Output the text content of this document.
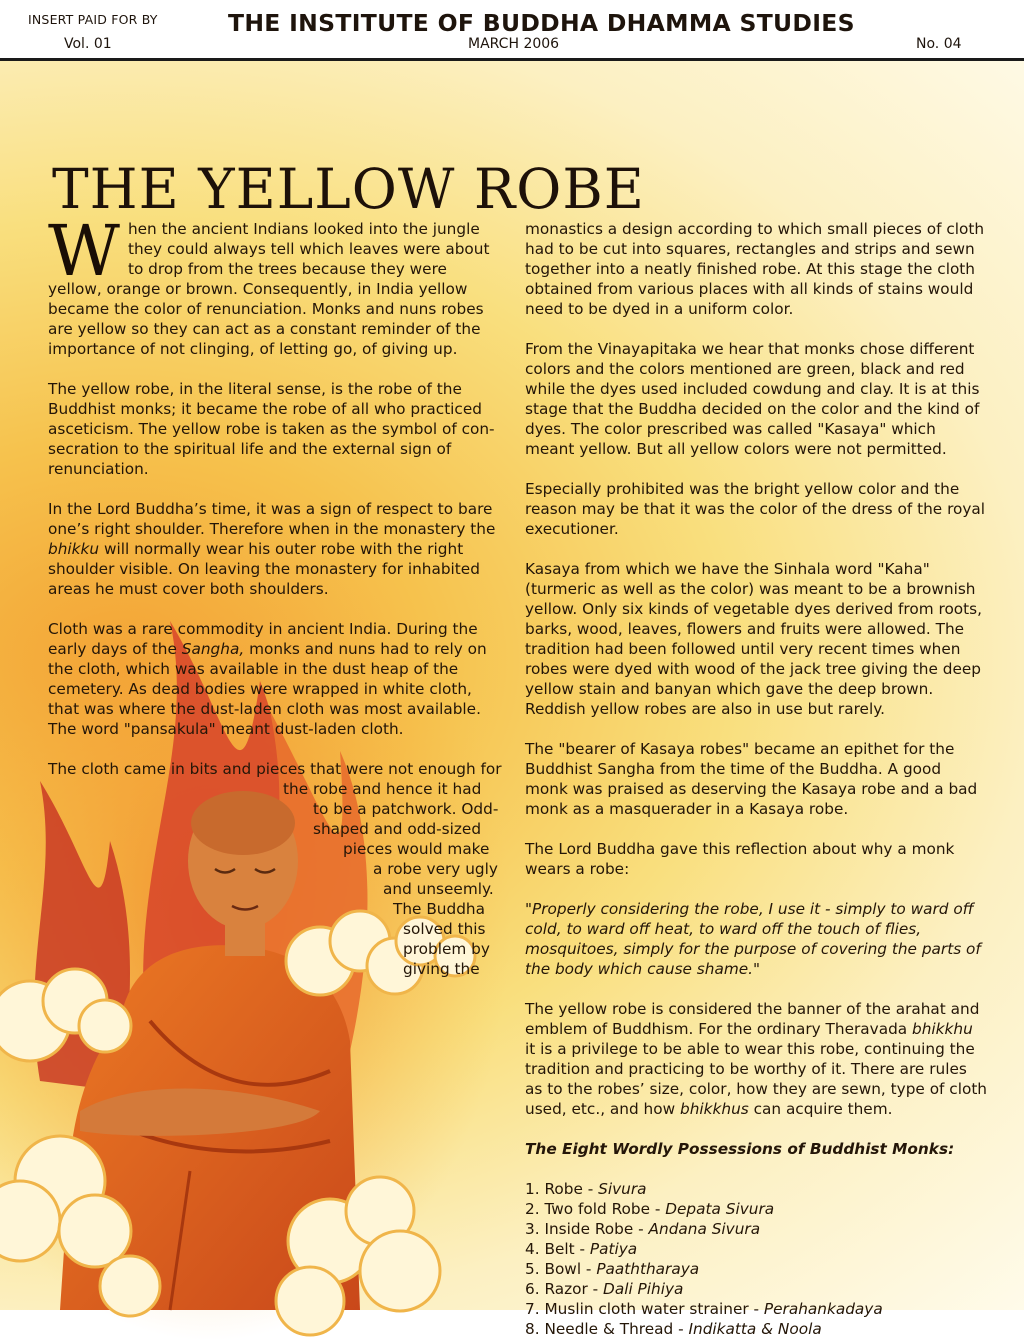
INSERT PAID FOR BY
Vol. 01
THE INSTITUTE OF BUDDHA DHAMMA STUDIES
MARCH 2006	No. 04
THE YELLOW ROBE

When the ancient Indians looked into the jungle they could always tell which leaves were about to drop from the trees because they were yellow, orange or brown. Consequently, in India yellow became the color of renunciation. Monks and nuns robes are yellow so they can act as a constant reminder of the importance of not clinging, of letting go, of giving up.

The yellow robe, in the literal sense, is the robe of the Buddhist monks; it became the robe of all who practiced asceticism. The yellow robe is taken as the symbol of con-secration to the spiritual life and the external sign of renunciation.

In the Lord Buddha’s time, it was a sign of respect to bare one’s right shoulder. Therefore when in the monastery the bhikku will normally wear his outer robe with the right shoulder visible. On leaving the monastery for inhabited areas he must cover both shoulders.

Cloth was a rare commodity in ancient India. During the early days of the Sangha, monks and nuns had to rely on the cloth, which was available in the dust heap of the cemetery. As dead bodies were wrapped in white cloth, that was where the dust-laden cloth was most available. The word "pansakula" meant dust-laden cloth.

The cloth came in bits and pieces that were not enough for
the robe and hence it had
to be a patchwork. Odd-
shaped and odd-sized
pieces would make
a robe very ugly
and unseemly.
The Buddha
solved this
problem by
giving the

monastics a design according to which small pieces of cloth had to be cut into squares, rectangles and strips and sewn together into a neatly finished robe. At this stage the cloth obtained from various places with all kinds of stains would need to be dyed in a uniform color.

From the Vinayapitaka we hear that monks chose different colors and the colors mentioned are green, black and red while the dyes used included cowdung and clay. It is at this stage that the Buddha decided on the color and the kind of dyes. The color prescribed was called "Kasaya" which meant yellow. But all yellow colors were not permitted.

Especially prohibited was the bright yellow color and the reason may be that it was the color of the dress of the royal executioner.

Kasaya from which we have the Sinhala word "Kaha" (turmeric as well as the color) was meant to be a brownish yellow. Only six kinds of vegetable dyes derived from roots, barks, wood, leaves, flowers and fruits were allowed. The tradition had been followed until very recent times when robes were dyed with wood of the jack tree giving the deep yellow stain and banyan which gave the deep brown. Reddish yellow robes are also in use but rarely.

The "bearer of Kasaya robes" became an epithet for the Buddhist Sangha from the time of the Buddha. A good monk was praised as deserving the Kasaya robe and a bad monk as a masquerader in a Kasaya robe.

The Lord Buddha gave this reflection about why a monk wears a robe:

"Properly considering the robe, I use it - simply to ward off cold, to ward off heat, to ward off the touch of flies, mosquitoes, simply for the purpose of covering the parts of the body which cause shame."

The yellow robe is considered the banner of the arahat and emblem of Buddhism. For the ordinary Theravada bhikkhu it is a privilege to be able to wear this robe, continuing the tradition and practicing to be worthy of it. There are rules as to the robes’ size, color, how they are sewn, type of cloth used, etc., and how bhikkhus can acquire them.

The Eight Wordly Possessions of Buddhist Monks:
1. Robe - Sivura
2. Two fold Robe - Depata Sivura
3. Inside Robe - Andana Sivura
4. Belt - Patiya
5. Bowl - Paaththaraya
6. Razor - Dali Pihiya
7. Muslin cloth water strainer - Perahankadaya
8. Needle & Thread - Indikatta & Noola
